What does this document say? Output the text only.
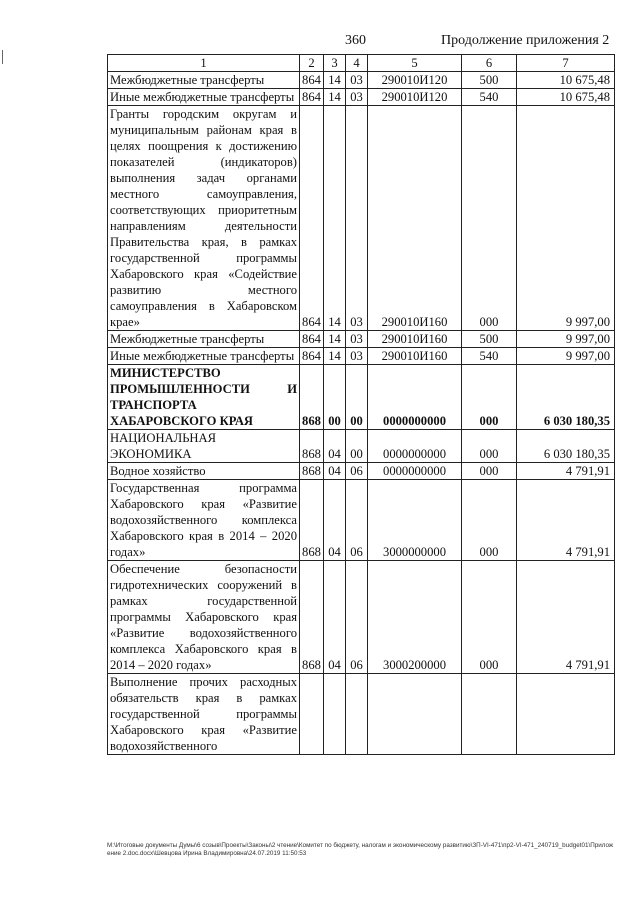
360	Продолжение приложения 2
1	2	3	4	5	6	7
Межбюджетные трансферты	864	14	03	290010И120	500	10 675,48
Иные межбюджетные трансферты	864	14	03	290010И120	540	10 675,48
Гранты городским округам и муниципальным районам края в целях поощрения к достижению показателей (индикаторов) выполнения задач органами местного самоуправления, соответствующих приоритетным направлениям деятельности Правительства края, в рамках государственной программы Хабаровского края «Содействие развитию местного самоуправления в Хабаровском крае»	864	14	03	290010И160	000	9 997,00
Межбюджетные трансферты	864	14	03	290010И160	500	9 997,00
Иные межбюджетные трансферты	864	14	03	290010И160	540	9 997,00
МИНИСТЕРСТВО ПРОМЫШЛЕННОСТИ И ТРАНСПОРТА ХАБАРОВСКОГО КРАЯ	868	00	00	0000000000	000	6 030 180,35
НАЦИОНАЛЬНАЯ ЭКОНОМИКА	868	04	00	0000000000	000	6 030 180,35
Водное хозяйство	868	04	06	0000000000	000	4 791,91
Государственная программа Хабаровского края «Развитие водохозяйственного комплекса Хабаровского края в 2014 – 2020 годах»	868	04	06	3000000000	000	4 791,91
Обеспечение безопасности гидротехнических сооружений в рамках государственной программы Хабаровского края «Развитие водохозяйственного комплекса Хабаровского края в 2014 – 2020 годах»	868	04	06	3000200000	000	4 791,91
Выполнение прочих расходных обязательств края в рамках государственной программы Хабаровского края «Развитие водохозяйственного						
M:\Итоговые документы Думы\6 созыв\Проекты\Законы\2 чтение\Комитет по бюджету, налогам и экономическому развитию\ЗП-VI-471\пр2-VI-471_240719_budget01\Приложение 2.doc.docx\Шевцова Ирина Владимировна\24.07.2019 11:50:53
